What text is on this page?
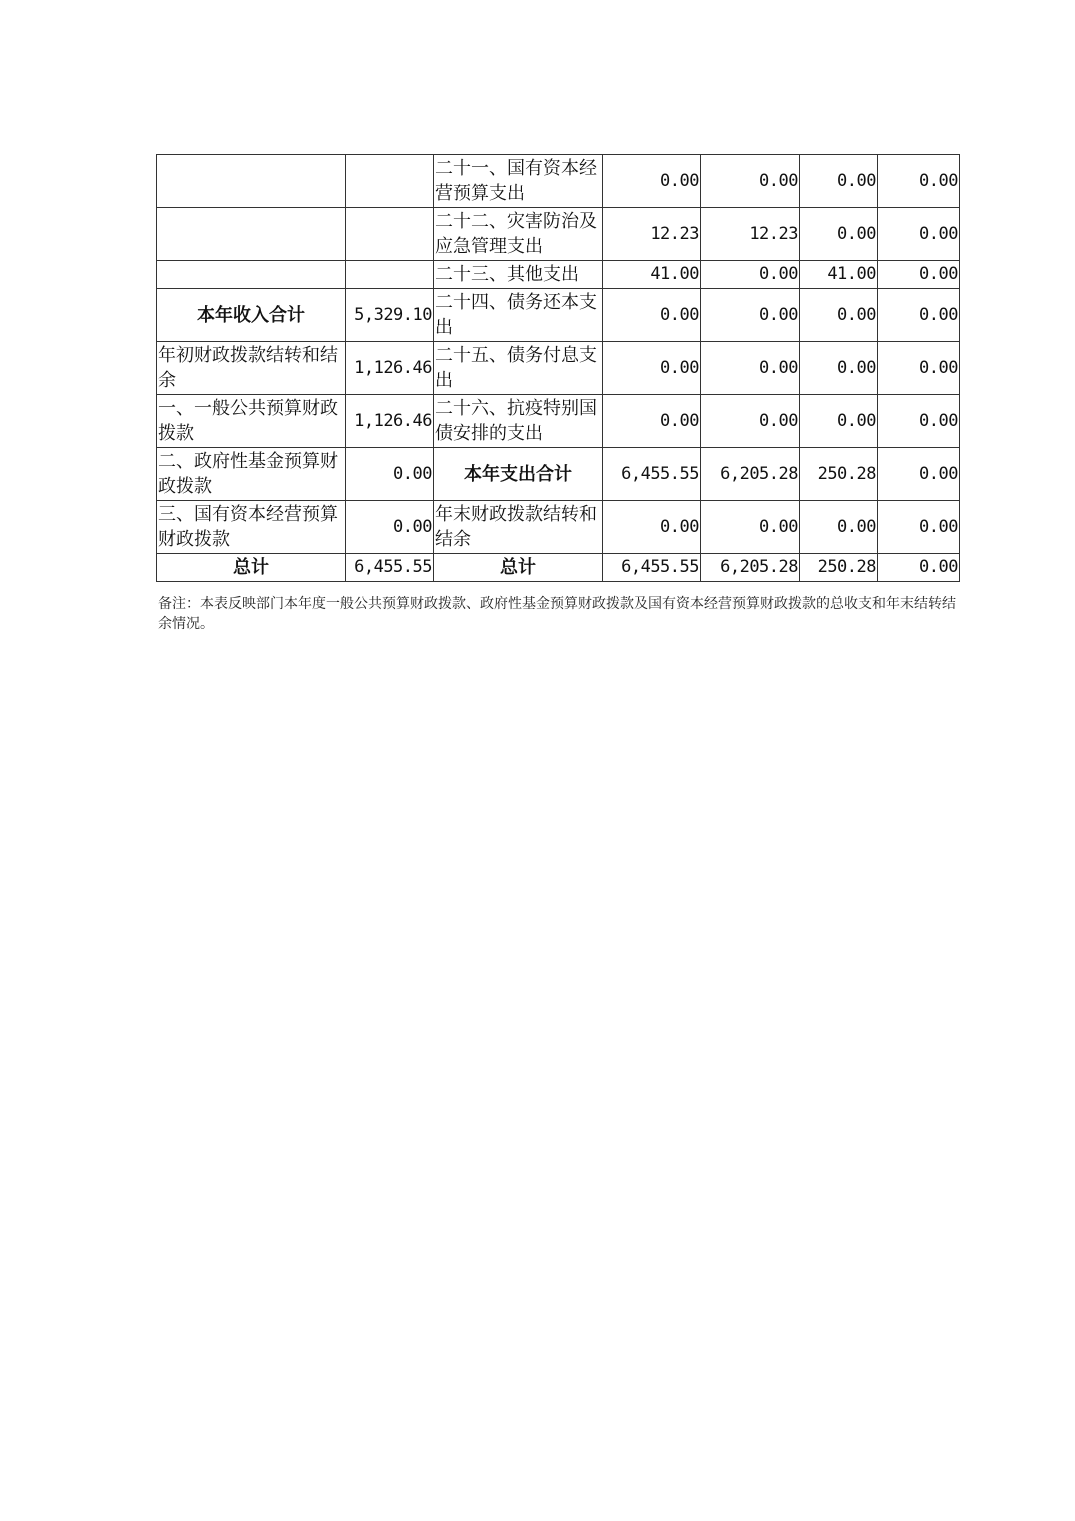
		二十一、国有资本经营预算支出	0.00	0.00	0.00	0.00
		二十二、灾害防治及应急管理支出	12.23	12.23	0.00	0.00
		二十三、其他支出	41.00	0.00	41.00	0.00
本年收入合计	5,329.10	二十四、债务还本支出	0.00	0.00	0.00	0.00
年初财政拨款结转和结余	1,126.46	二十五、债务付息支出	0.00	0.00	0.00	0.00
一、一般公共预算财政拨款	1,126.46	二十六、抗疫特别国债安排的支出	0.00	0.00	0.00	0.00
二、政府性基金预算财政拨款	0.00	本年支出合计	6,455.55	6,205.28	250.28	0.00
三、国有资本经营预算财政拨款	0.00	年末财政拨款结转和结余	0.00	0.00	0.00	0.00
总计	6,455.55	总计	6,455.55	6,205.28	250.28	0.00
备注：本表反映部门本年度一般公共预算财政拨款、政府性基金预算财政拨款及国有资本经营预算财政拨款的总收支和年末结转结余情况。
